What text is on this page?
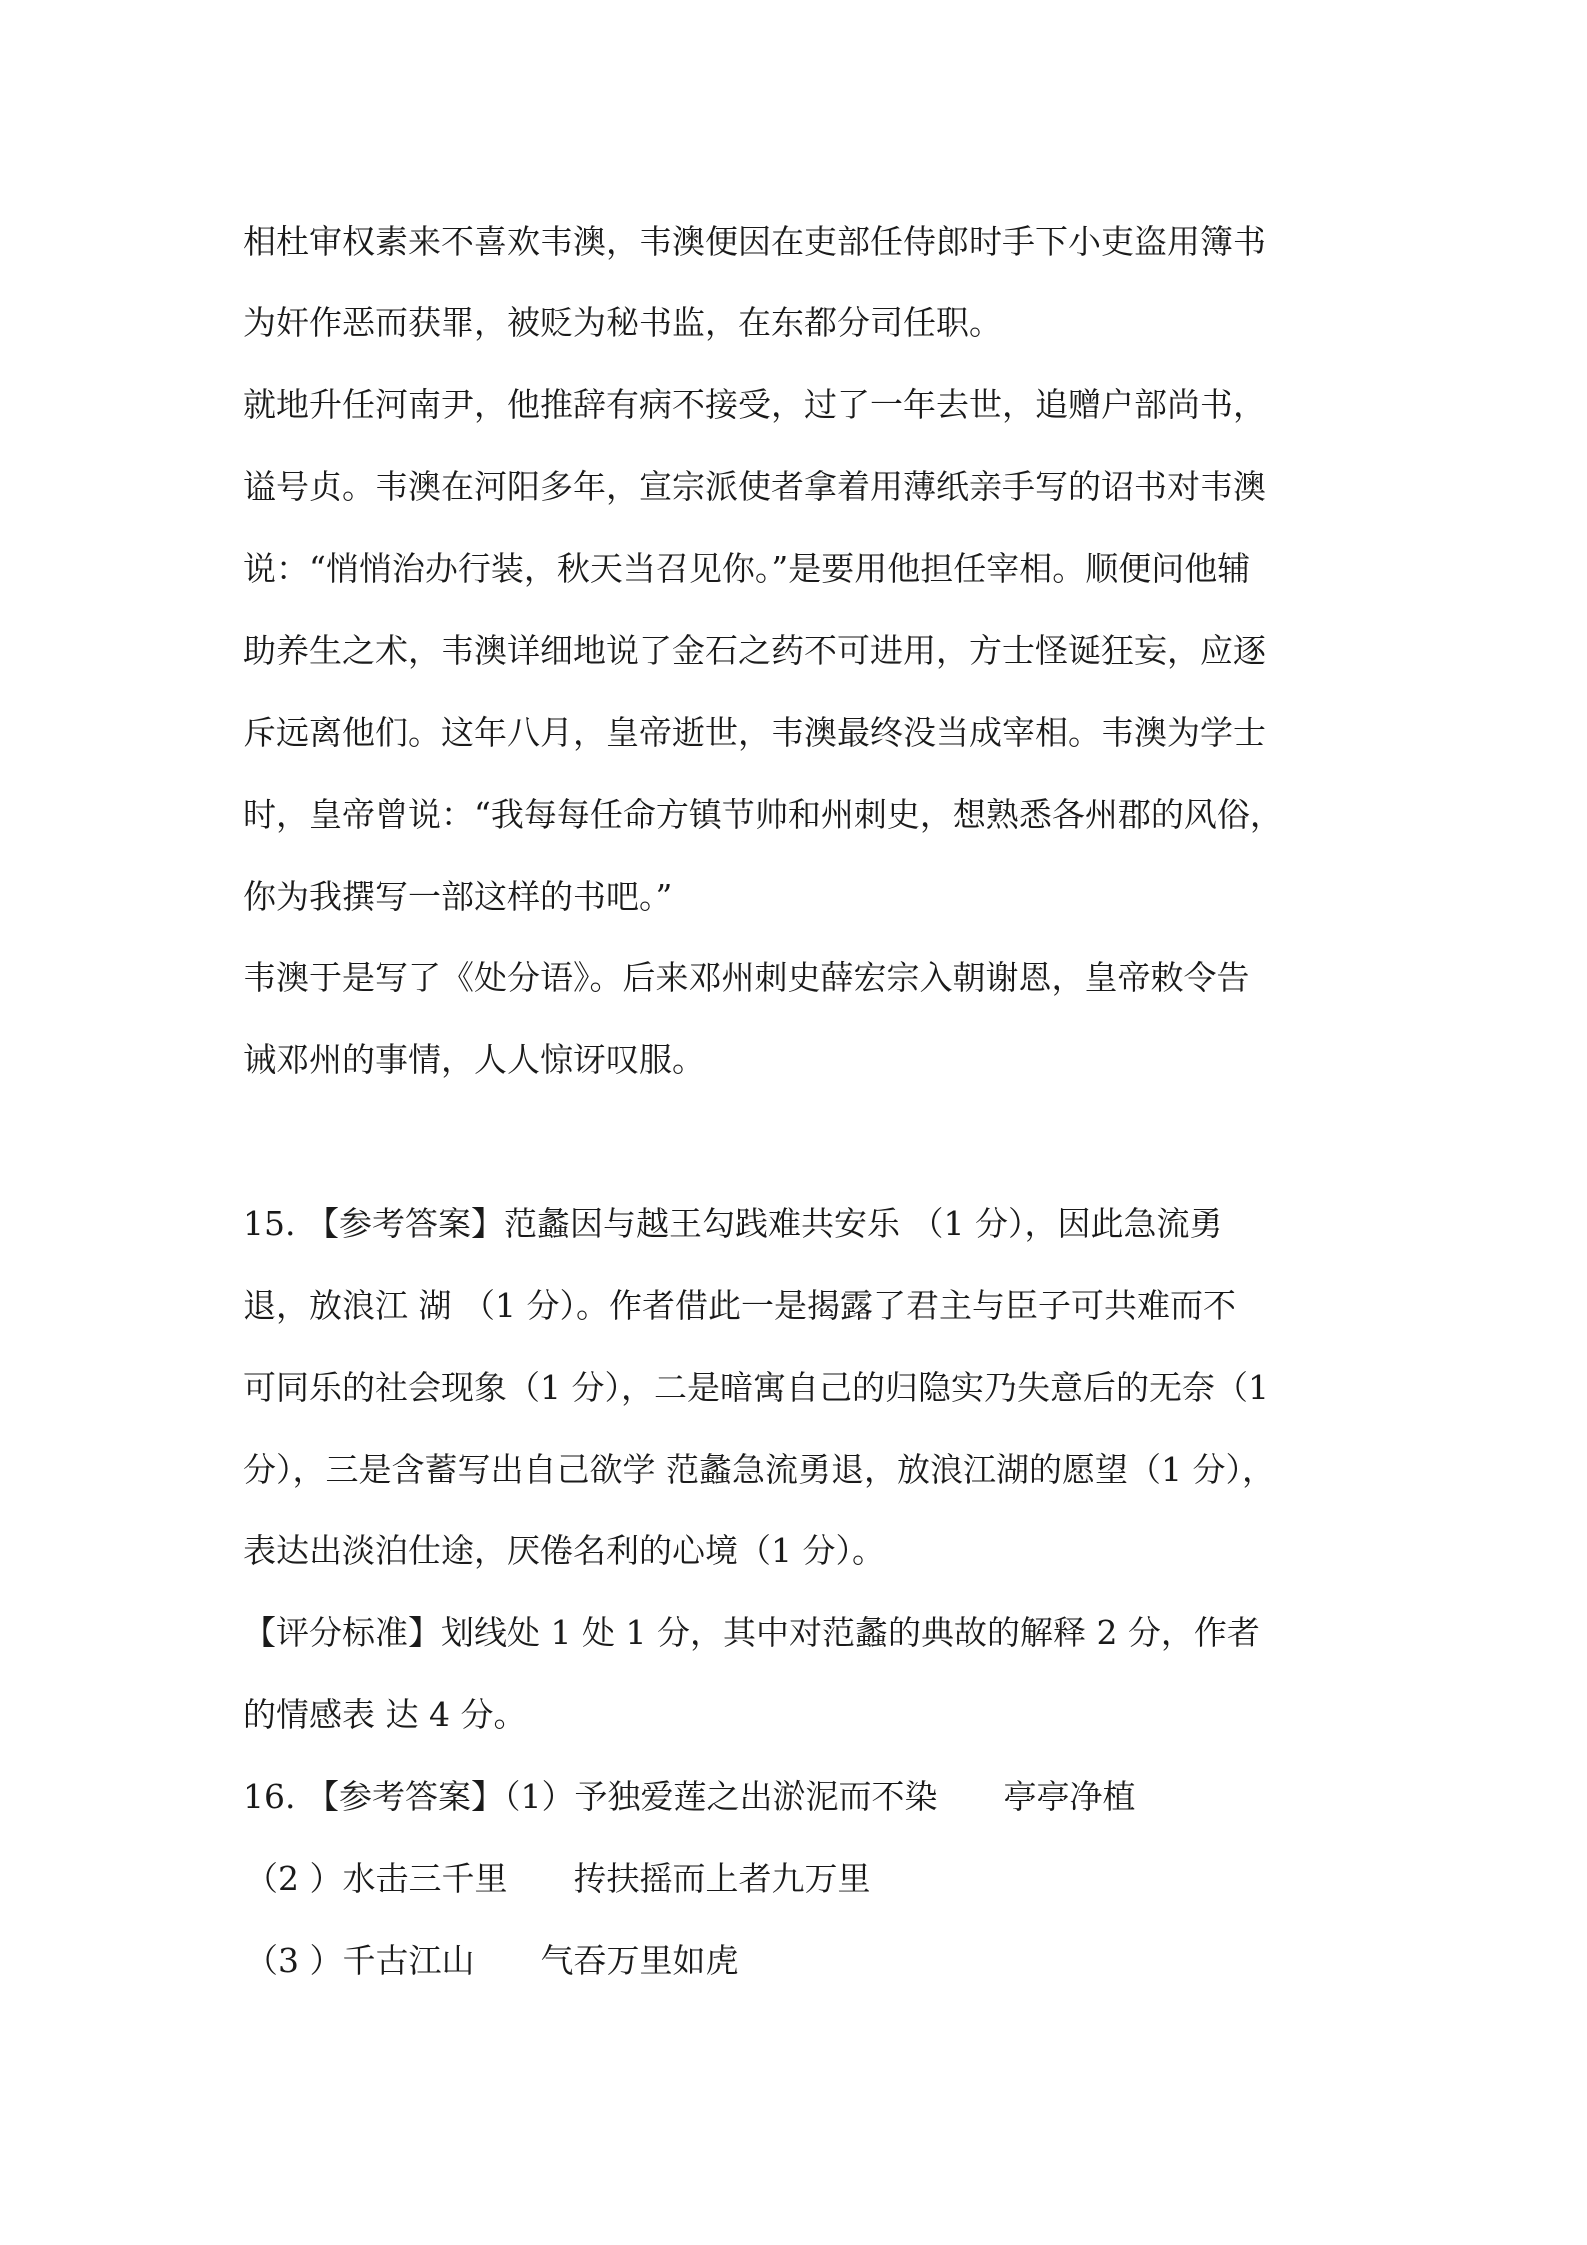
相杜审权素来不喜欢韦澳，韦澳便因在吏部任侍郎时手下小吏盗用簿书
为奸作恶而获罪，被贬为秘书监，在东都分司任职。
就地升任河南尹，他推辞有病不接受，过了一年去世，追赠户部尚书，
谥号贞。韦澳在河阳多年，宣宗派使者拿着用薄纸亲手写的诏书对韦澳
说：“悄悄治办行装，秋天当召见你。”是要用他担任宰相。顺便问他辅
助养生之术，韦澳详细地说了金石之药不可进用，方士怪诞狂妄，应逐
斥远离他们。这年八月，皇帝逝世，韦澳最终没当成宰相。韦澳为学士
时，皇帝曾说：“我每每任命方镇节帅和州刺史，想熟悉各州郡的风俗，
你为我撰写一部这样的书吧。”
韦澳于是写了《处分语》。后来邓州刺史薛宏宗入朝谢恩，皇帝敕令告
诫邓州的事情，人人惊讶叹服。
15. 【参考答案】范蠡因与越王勾践难共安乐 （1 分），因此急流勇
退，放浪江 湖 （1 分）。作者借此一是揭露了君主与臣子可共难而不
可同乐的社会现象（1 分），二是暗寓自己的归隐实乃失意后的无奈（1
分），三是含蓄写出自己欲学 范蠡急流勇退，放浪江湖的愿望（1 分），
表达出淡泊仕途，厌倦名利的心境（1 分）。
【评分标准】划线处 1 处 1 分，其中对范蠡的典故的解释 2 分，作者
的情感表 达 4 分。
16. 【参考答案】（1）予独爱莲之出淤泥而不染　　亭亭净植
（2 ）水击三千里　　抟扶摇而上者九万里
（3 ）千古江山　　气吞万里如虎
